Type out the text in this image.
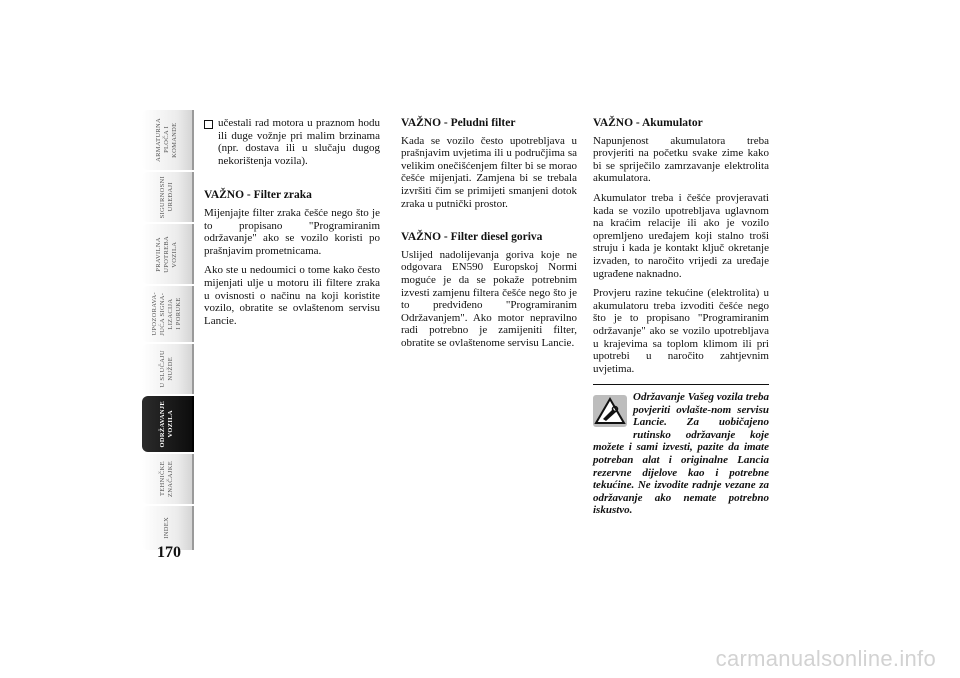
ARMATURNA
PLOČA I
KOMANDE
SIGURNOSNI
UREĐAJI
PRAVILNA
UPOTREBA
VOZILA
UPOZORAVA-
JUĆA SIGNA-
LIZACIJA
I PORUKE
U SLUČAJU
NUŽDE
ODRŽAVANJE
VOZILA
TEHNIČKE
ZNAČAJKE
INDEX
170
učestali rad motora u praznom hodu ili duge vožnje pri malim brzinama (npr. dostava ili u slučaju dugog nekorištenja vozila).
VAŽNO - Filter zraka

Mijenjajte filter zraka češće nego što je to propisano "Programiranim održavanje" ako se vozilo koristi po prašnjavim prometnicama.

Ako ste u nedoumici o tome kako često mijenjati ulje u motoru ili filtere zraka u ovisnosti o načinu na koji koristite vozilo, obratite se ovlaštenom servisu Lancie.

VAŽNO - Peludni filter

Kada se vozilo često upotrebljava u prašnjavim uvjetima ili u područjima sa velikim onečišćenjem filter bi se morao češće mijenjati. Zamjena bi se trebala izvršiti čim se primijeti smanjeni dotok zraka u putnički prostor.

VAŽNO - Filter diesel goriva

Uslijed nadolijevanja goriva koje ne odgovara EN590 Europskoj Normi moguće je da se pokaže potrebnim izvesti zamjenu filtera češće nego što je to predviđeno "Programiranim Održavanjem". Ako motor nepravilno radi potrebno je zamijeniti filter, obratite se ovlaštenome servisu Lancie.

VAŽNO - Akumulator

Napunjenost akumulatora treba provjeriti na početku svake zime kako bi se spriječilo zamrzavanje elektrolita akumulatora.

Akumulator treba i češće provjeravati kada se vozilo upotrebljava uglavnom na kraćim relacije ili ako je vozilo opremljeno uređajem koji stalno troši struju i kada je kontakt ključ okretanje izvaden, to naročito vrijedi za uređaje ugrađene naknadno.

Provjeru razine tekućine (elektrolita) u akumulatoru treba izvoditi češće nego što je to propisano "Programiranim održavanje" ako se vozilo upotrebljava u krajevima sa toplom klimom ili pri upotrebi u naročito zahtjevnim uvjetima.

Održavanje Vašeg vozila treba povjeriti ovlašte-nom servisu Lancie. Za uobičajeno rutinsko održavanje koje možete i sami izvesti, pazite da imate potreban alat i originalne Lancia rezervne dijelove kao i potrebne tekućine. Ne izvodite radnje vezane za održavanje ako nemate potrebno iskustvo.
carmanualsonline.info
